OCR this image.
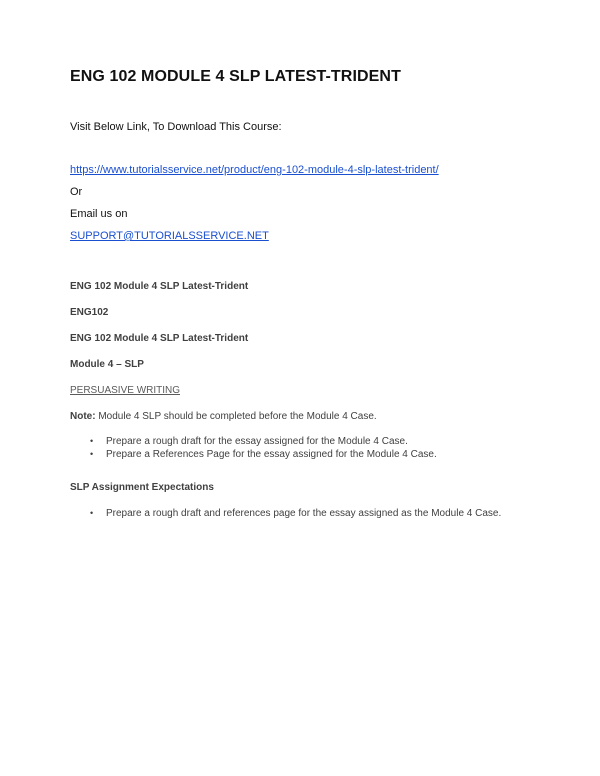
ENG 102 MODULE 4 SLP LATEST-TRIDENT

Visit Below Link, To Download This Course:

https://www.tutorialsservice.net/product/eng-102-module-4-slp-latest-trident/

Or

Email us on

SUPPORT@TUTORIALSSERVICE.NET

ENG 102 Module 4 SLP Latest-Trident

ENG102

ENG 102 Module 4 SLP Latest-Trident

Module 4 – SLP

PERSUASIVE WRITING

Note: Module 4 SLP should be completed before the Module 4 Case.

•	Prepare a rough draft for the essay assigned for the Module 4 Case.
•	Prepare a References Page for the essay assigned for the Module 4 Case.

SLP Assignment Expectations

•	Prepare a rough draft and references page for the essay assigned as the Module 4 Case.
